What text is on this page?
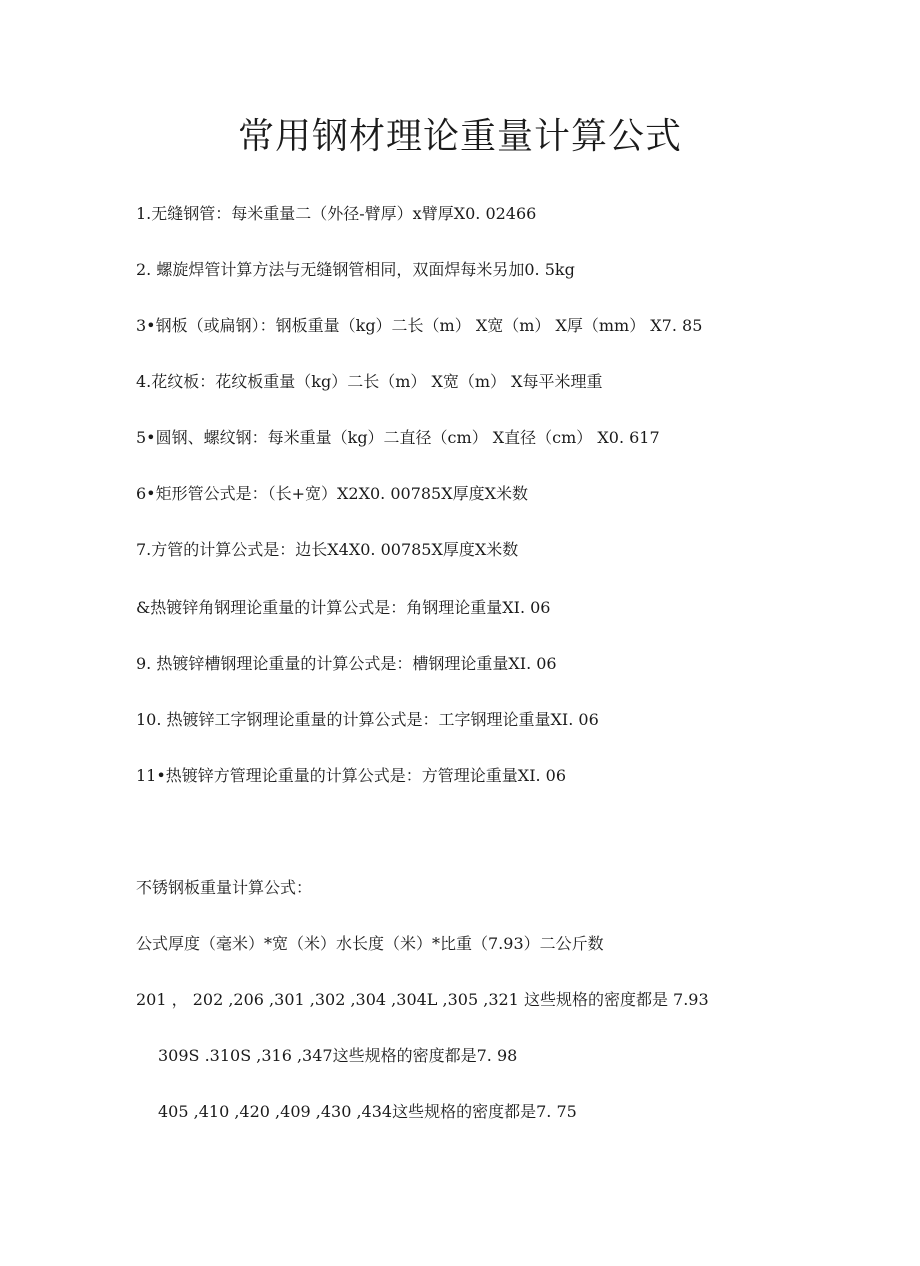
常用钢材理论重量计算公式
1.无缝钢管：每米重量二（外径-臂厚）x臂厚X0. 02466
2. 螺旋焊管计算方法与无缝钢管相同，双面焊每米另加0. 5kg
3•钢板（或扁钢）：钢板重量（kg）二长（m） X宽（m） X厚（mm） X7. 85
4.花纹板：花纹板重量（kg）二长（m） X宽（m） X每平米理重
5•圆钢、螺纹钢：每米重量（kg）二直径（cm） X直径（cm） X0. 617
6•矩形管公式是：（长+宽）X2X0. 00785X厚度X米数
7.方管的计算公式是：边长X4X0. 00785X厚度X米数
&热镀锌角钢理论重量的计算公式是：角钢理论重量XI. 06
9. 热镀锌槽钢理论重量的计算公式是：槽钢理论重量XI. 06
10. 热镀锌工字钢理论重量的计算公式是：工字钢理论重量XI. 06
11•热镀锌方管理论重量的计算公式是：方管理论重量XI. 06
不锈钢板重量计算公式：
公式厚度（毫米）*宽（米）水长度（米）*比重（7.93）二公斤数
201 ， 202 ,206 ,301 ,302 ,304 ,304L ,305 ,321 这些规格的密度都是 7.93
309S .310S ,316 ,347这些规格的密度都是7. 98
405 ,410 ,420 ,409 ,430 ,434这些规格的密度都是7. 75
